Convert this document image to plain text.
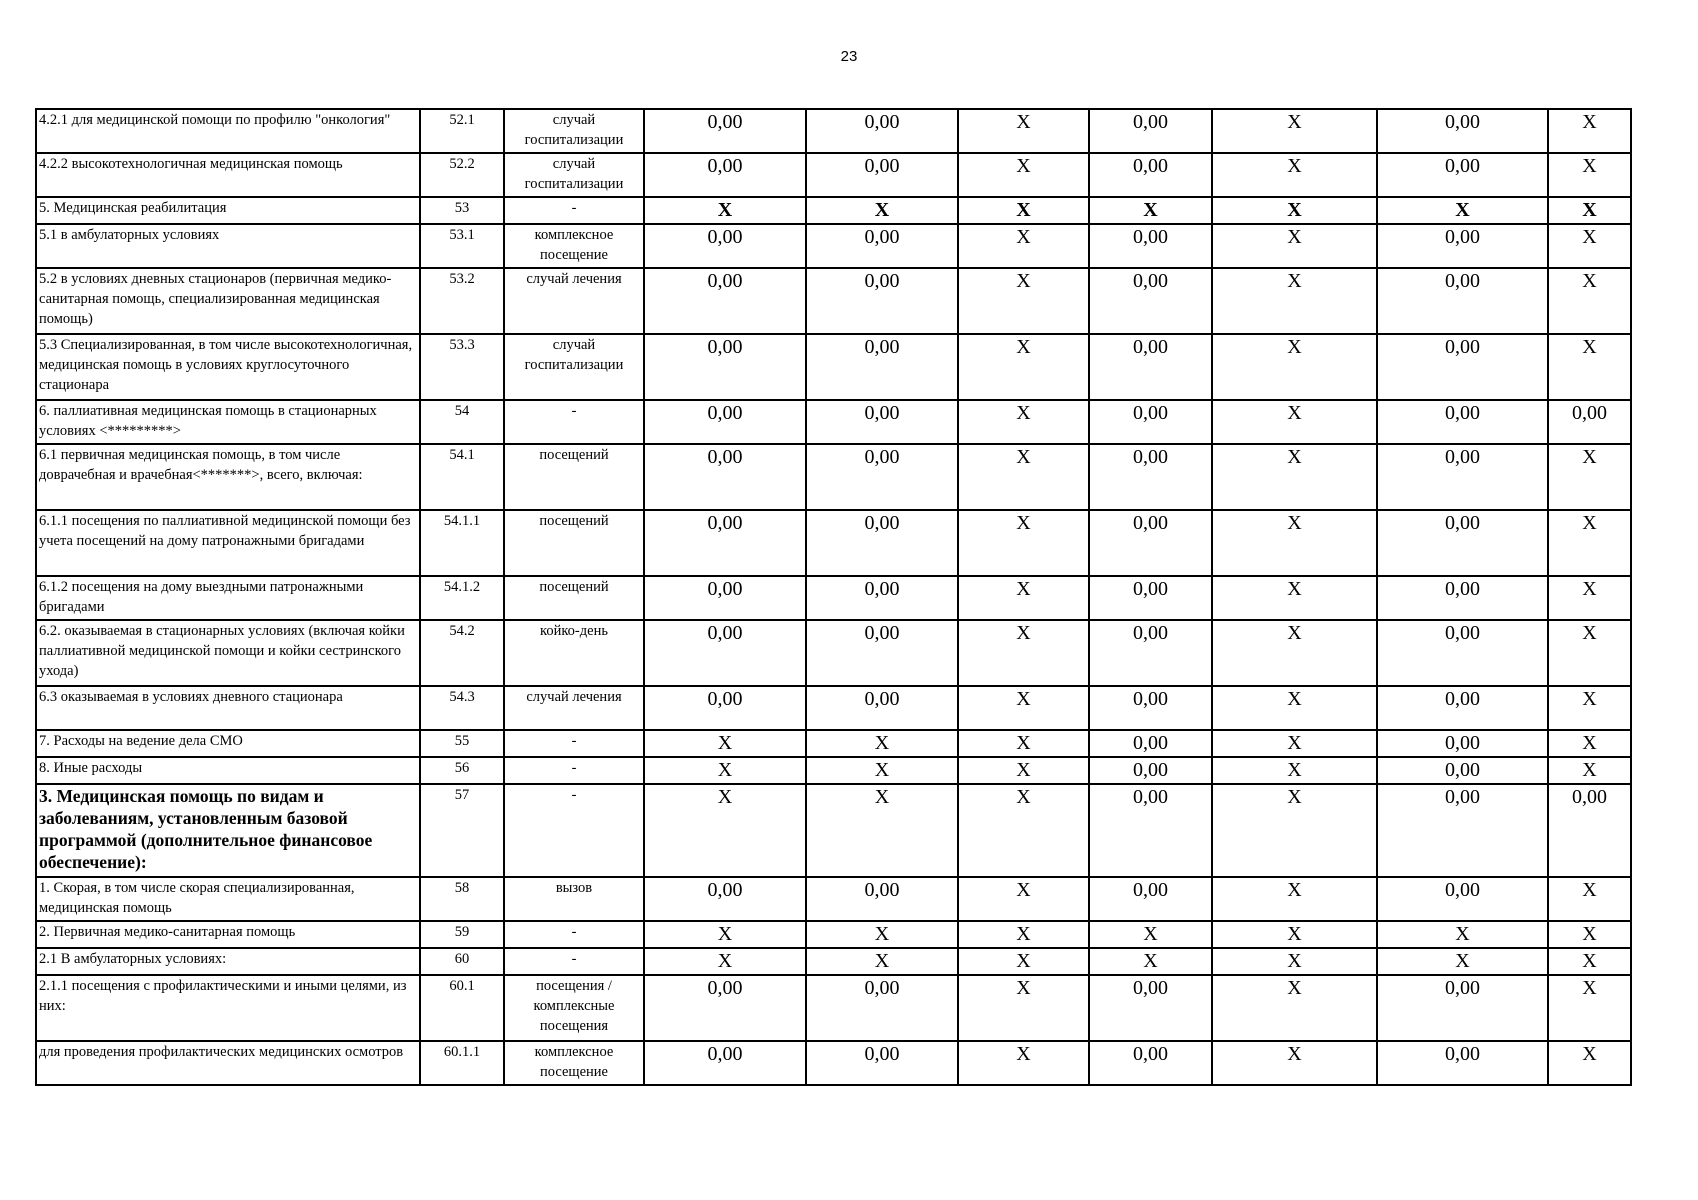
23
4.2.1 для медицинской помощи по профилю "онкология"	52.1	случай госпитализации	0,00	0,00	Х	0,00	Х	0,00	Х
4.2.2 высокотехнологичная медицинская помощь	52.2	случай госпитализации	0,00	0,00	Х	0,00	Х	0,00	Х
5. Медицинская реабилитация	53	-	X	X	X	X	X	X	X
5.1 в амбулаторных условиях	53.1	комплексное посещение	0,00	0,00	Х	0,00	Х	0,00	Х
5.2 в условиях дневных стационаров (первичная медико-санитарная помощь, специализированная медицинская помощь)	53.2	случай лечения	0,00	0,00	Х	0,00	Х	0,00	Х
5.3 Специализированная, в том числе высокотехнологичная, медицинская помощь в условиях круглосуточного стационара	53.3	случай госпитализации	0,00	0,00	Х	0,00	Х	0,00	Х
6. паллиативная медицинская помощь в стационарных условиях <*********>	54	-	0,00	0,00	Х	0,00	Х	0,00	0,00
6.1 первичная медицинская помощь, в том числе доврачебная и врачебная<*******>, всего, включая:	54.1	посещений	0,00	0,00	Х	0,00	Х	0,00	Х
6.1.1 посещения по паллиативной медицинской помощи без учета посещений на дому патронажными бригадами	54.1.1	посещений	0,00	0,00	Х	0,00	Х	0,00	Х
6.1.2 посещения на дому выездными патронажными бригадами	54.1.2	посещений	0,00	0,00	Х	0,00	Х	0,00	Х
6.2. оказываемая в стационарных условиях (включая койки паллиативной медицинской помощи и койки сестринского ухода)	54.2	койко-день	0,00	0,00	Х	0,00	Х	0,00	Х
6.3 оказываемая в условиях дневного стационара	54.3	случай лечения	0,00	0,00	Х	0,00	Х	0,00	Х
7. Расходы на ведение дела СМО	55	-	Х	Х	Х	0,00	Х	0,00	Х
8. Иные расходы	56	-	Х	Х	Х	0,00	Х	0,00	Х
3. Медицинская помощь по видам и заболеваниям, установленным базовой программой (дополнительное финансовое обеспечение):	57	-	Х	Х	Х	0,00	Х	0,00	0,00
1. Скорая, в том числе скорая специализированная, медицинская помощь	58	вызов	0,00	0,00	Х	0,00	Х	0,00	Х
2. Первичная медико-санитарная помощь	59	-	Х	Х	Х	Х	Х	Х	Х
2.1 В амбулаторных условиях:	60	-	Х	Х	Х	Х	Х	Х	Х
2.1.1 посещения с профилактическими и иными целями, из них:	60.1	посещения / комплексные посещения	0,00	0,00	Х	0,00	Х	0,00	Х
для проведения профилактических медицинских осмотров	60.1.1	комплексное посещение	0,00	0,00	Х	0,00	Х	0,00	Х
